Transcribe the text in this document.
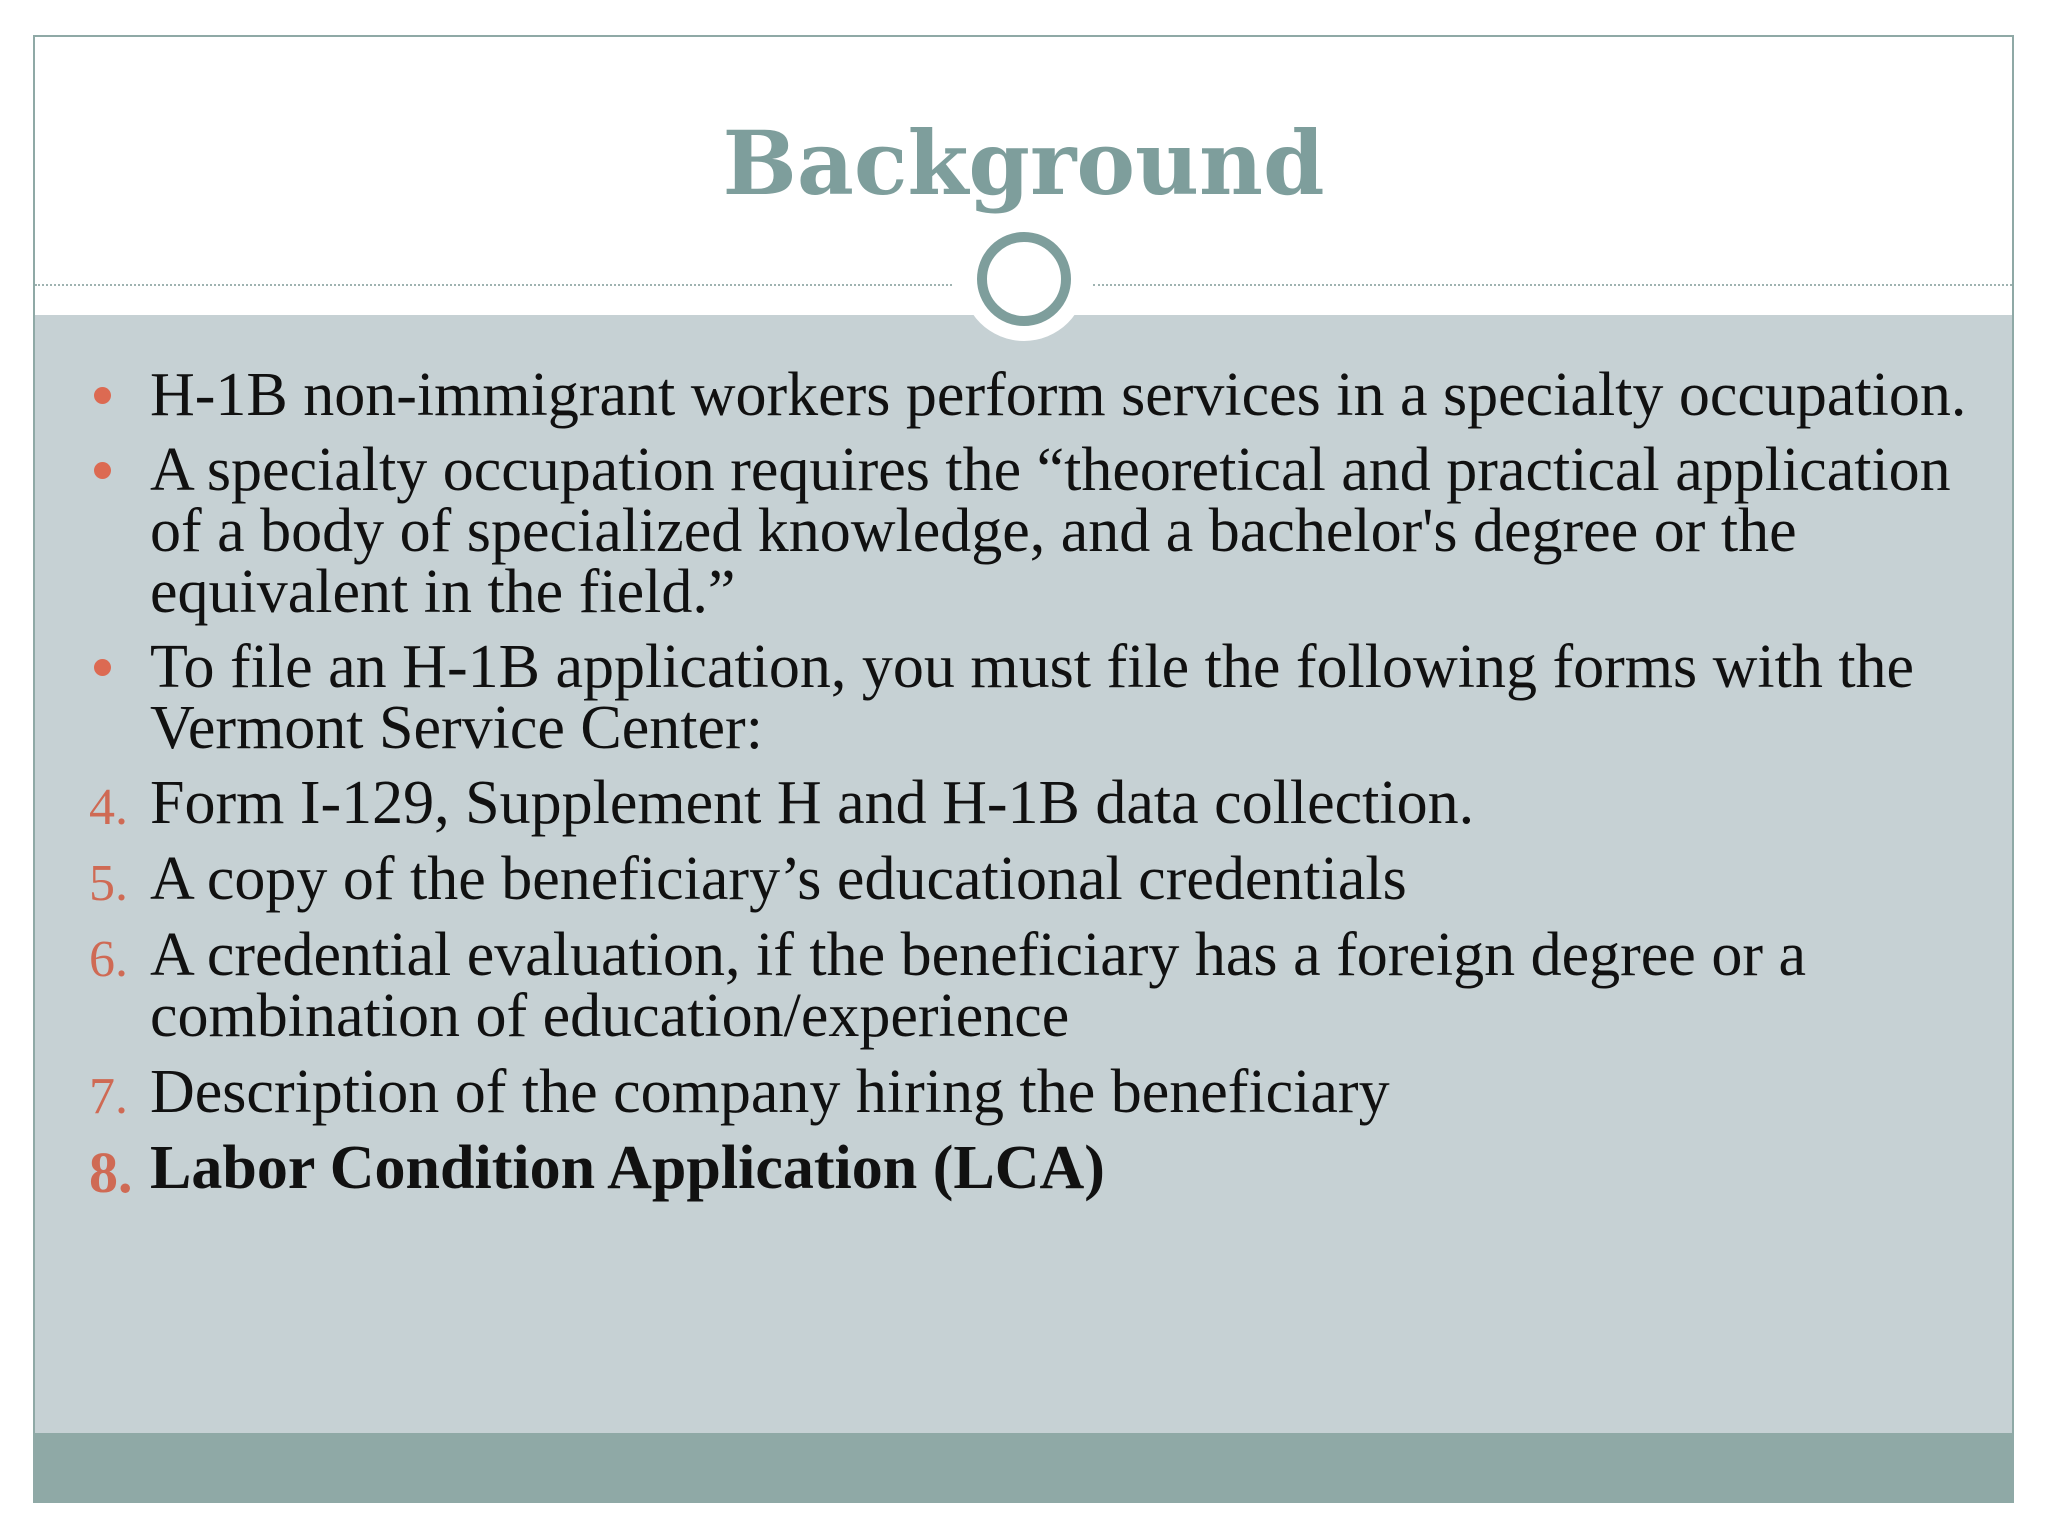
Background
H-1B non-immigrant workers perform services in a specialty occupation.
A specialty occupation requires the “theoretical and practical application of a body of specialized knowledge, and a bachelor's degree or the equivalent in the field.”
To file an H-1B application, you must file the following forms with the Vermont Service Center:
4. Form I-129, Supplement H and H-1B data collection.
5. A copy of the beneficiary’s educational credentials
6. A credential evaluation, if the beneficiary has a foreign degree or a combination of education/experience
7. Description of the company hiring the beneficiary
8. Labor Condition Application (LCA)
